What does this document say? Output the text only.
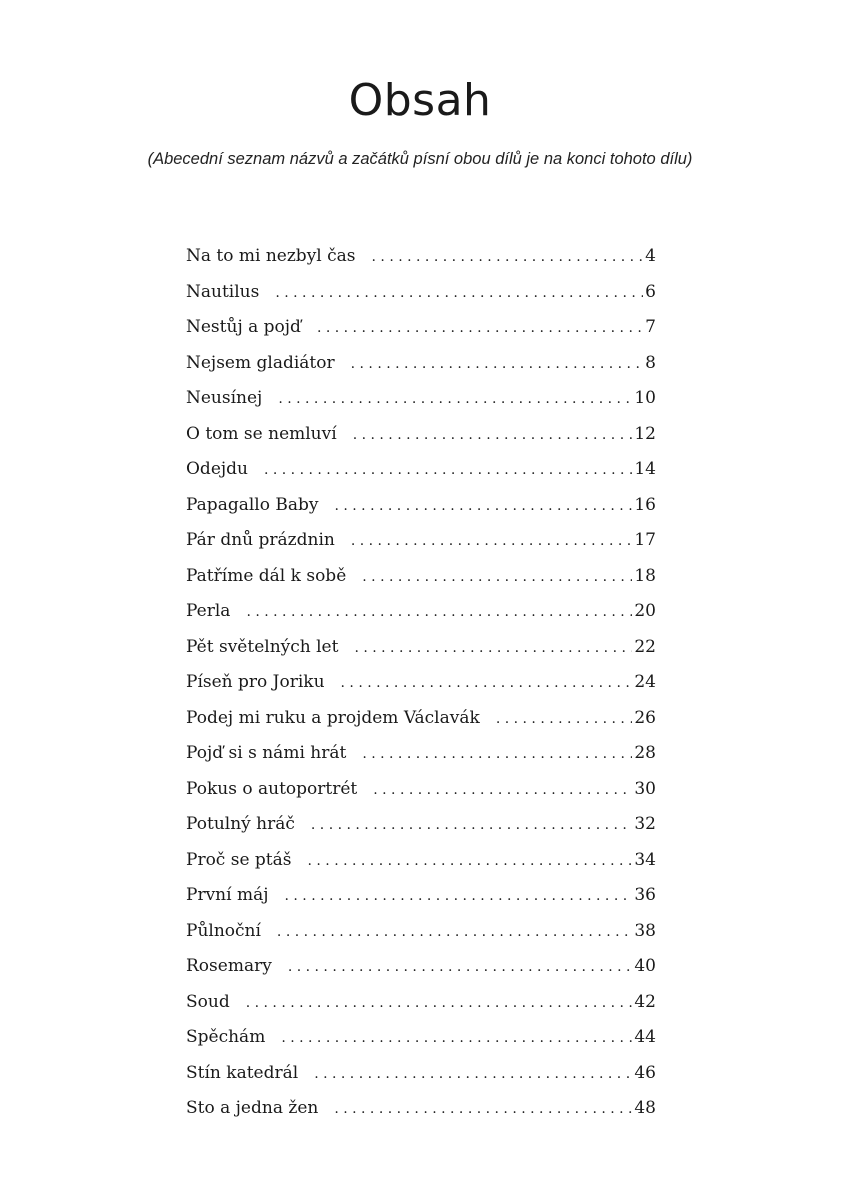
Obsah
(Abecední seznam názvů a začátků písní obou dílů je na konci tohoto dílu)
Na to mi nezbyl čas . . .	4
Nautilus . . .	6
Nestůj a pojď . . .	7
Nejsem gladiátor . . .	8
Neusínej . . .	10
O tom se nemluví . . .	12
Odejdu . . .	14
Papagallo Baby . . .	16
Pár dnů prázdnin . . .	17
Patříme dál k sobě . . .	18
Perla . . .	20
Pět světelných let . . .	22
Píseň pro Joriku . . .	24
Podej mi ruku a projdem Václavák . . .	26
Pojď si s námi hrát . . .	28
Pokus o autoportrét . . .	30
Potulný hráč . . .	32
Proč se ptáš . . .	34
První máj . . .	36
Půlnoční . . .	38
Rosemary . . .	40
Soud . . .	42
Spěchám . . .	44
Stín katedrál . . .	46
Sto a jedna žen . . .	48
